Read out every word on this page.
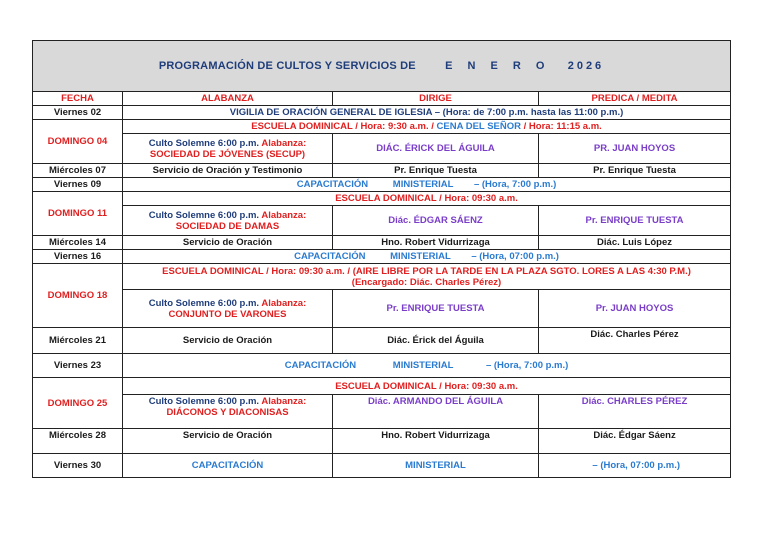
PROGRAMACIÓN DE CULTOS Y SERVICIOS DE E N E R O 2026			
FECHA	ALABANZA	DIRIGE	PREDICA / MEDITA
Viernes 02	VIGILIA DE ORACIÓN GENERAL DE IGLESIA – (Hora: de 7:00 p.m. hasta las 11:00 p.m.)		
DOMINGO 04	ESCUELA DOMINICAL / Hora: 9:30 a.m. / CENA DEL SEÑOR / Hora: 11:15 a.m.		
	Culto Solemne 6:00 p.m. Alabanza:
SOCIEDAD DE JÓVENES (SECUP)	DIÁC. ÉRICK DEL ÁGUILA	PR. JUAN HOYOS
Miércoles 07	Servicio de Oración y Testimonio	Pr. Enrique Tuesta	Pr. Enrique Tuesta
Viernes 09	CAPACITACIÓN MINISTERIAL – (Hora, 7:00 p.m.)		
DOMINGO 11	ESCUELA DOMINICAL / Hora: 09:30 a.m.		
	Culto Solemne 6:00 p.m. Alabanza:
SOCIEDAD DE DAMAS	Diác. ÉDGAR SÁENZ	Pr. ENRIQUE TUESTA
Miércoles 14	Servicio de Oración	Hno. Robert Vidurrizaga	Diác. Luis López
Viernes 16	CAPACITACIÓN MINISTERIAL – (Hora, 07:00 p.m.)		
DOMINGO 18	ESCUELA DOMINICAL / Hora: 09:30 a.m. / (AIRE LIBRE POR LA TARDE EN LA PLAZA SGTO. LORES A LAS 4:30 P.M.)
(Encargado: Diác. Charles Pérez)		
	Culto Solemne 6:00 p.m. Alabanza:
CONJUNTO DE VARONES	Pr. ENRIQUE TUESTA	Pr. JUAN HOYOS
Miércoles 21	Servicio de Oración	Diác. Érick del Águila	Diác. Charles Pérez
Viernes 23	CAPACITACIÓN MINISTERIAL – (Hora, 7:00 p.m.)		
DOMINGO 25	ESCUELA DOMINICAL / Hora: 09:30 a.m.		
	Culto Solemne 6:00 p.m. Alabanza:
DIÁCONOS Y DIACONISAS	Diác. ARMANDO DEL ÁGUILA	Diác. CHARLES PÉREZ
Miércoles 28	Servicio de Oración	Hno. Robert Vidurrizaga	Diác. Édgar Sáenz
Viernes 30	CAPACITACIÓN	MINISTERIAL	– (Hora, 07:00 p.m.)
